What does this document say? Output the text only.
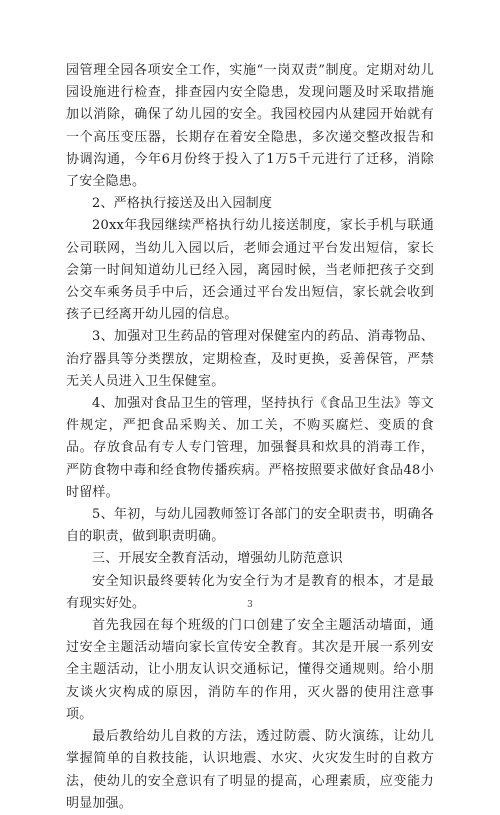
园管理全园各项安全工作，实施“一岗双责”制度。定期对幼儿园设施进行检查，排查园内安全隐患，发现问题及时采取措施加以消除，确保了幼儿园的安全。我园校园内从建园开始就有一个高压变压器，长期存在着安全隐患，多次递交整改报告和协调沟通，今年6月份终于投入了1万5千元进行了迁移，消除了安全隐患。

2、严格执行接送及出入园制度

20xx年我园继续严格执行幼儿接送制度，家长手机与联通公司联网，当幼儿入园以后，老师会通过平台发出短信，家长会第一时间知道幼儿已经入园，离园时候，当老师把孩子交到公交车乘务员手中后，还会通过平台发出短信，家长就会收到孩子已经离开幼儿园的信息。

3、加强对卫生药品的管理对保健室内的药品、消毒物品、治疗器具等分类摆放，定期检查，及时更换，妥善保管，严禁无关人员进入卫生保健室。

4、加强对食品卫生的管理，坚持执行《食品卫生法》等文件规定，严把食品采购关、加工关，不购买腐烂、变质的食品。存放食品有专人专门管理，加强餐具和炊具的消毒工作，严防食物中毒和经食物传播疾病。严格按照要求做好食品48小时留样。

5、年初，与幼儿园教师签订各部门的安全职责书，明确各自的职责，做到职责明确。

三、开展安全教育活动，增强幼儿防范意识

安全知识最终要转化为安全行为才是教育的根本，才是最有现实好处。

首先我园在每个班级的门口创建了安全主题活动墙面，通过安全主题活动墙向家长宣传安全教育。其次是开展一系列安全主题活动，让小朋友认识交通标记，懂得交通规则。给小朋友谈火灾构成的原因，消防车的作用，灭火器的使用注意事项。

最后教给幼儿自救的方法，透过防震、防火演练，让幼儿掌握简单的自救技能，认识地震、水灾、火灾发生时的自救方法，使幼儿的安全意识有了明显的提高，心理素质，应变能力明显加强。

3
